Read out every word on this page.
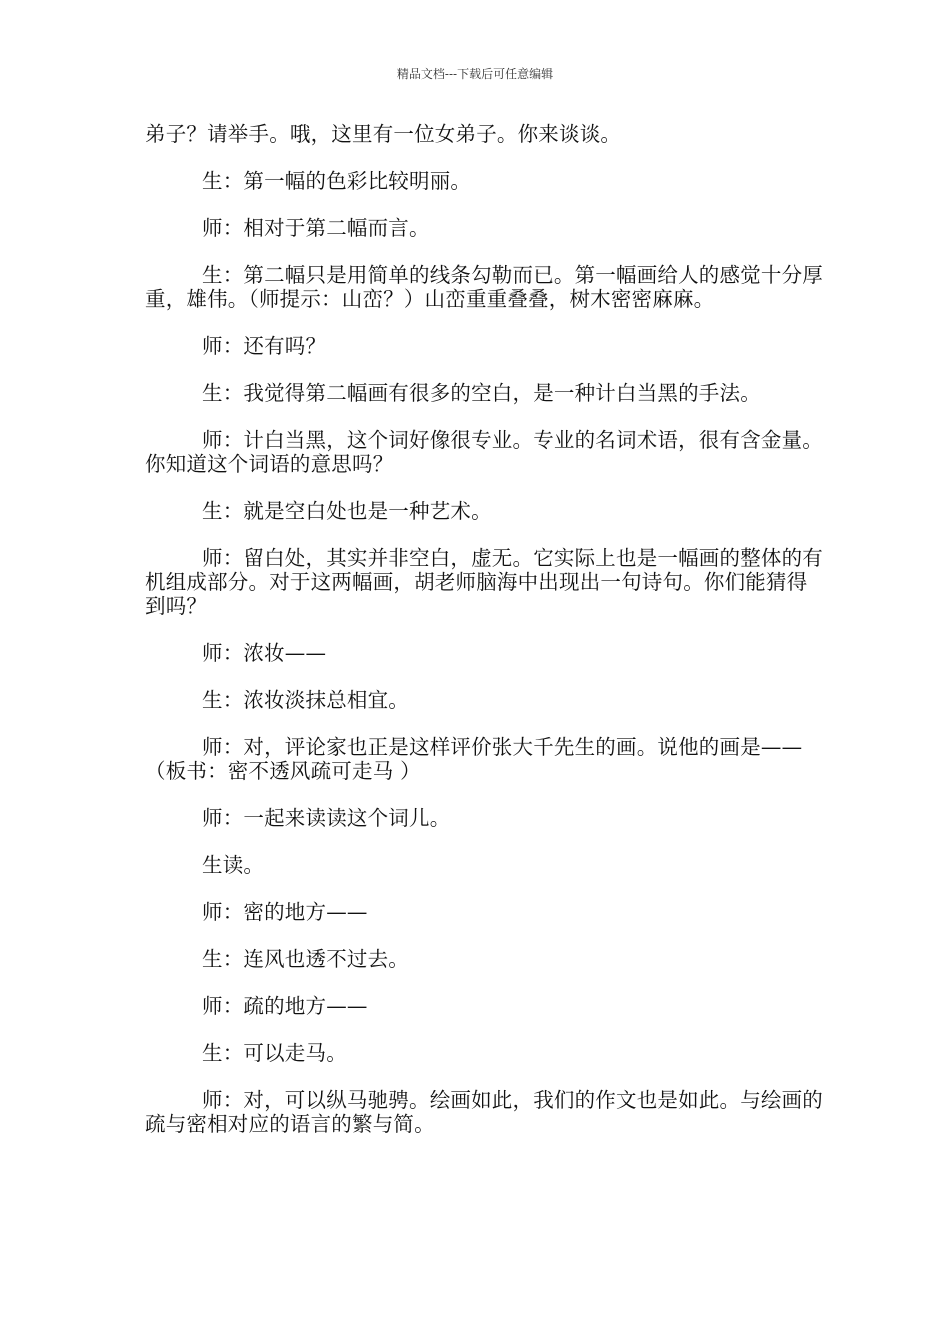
精品文档---下载后可任意编辑

弟子？请举手。哦，这里有一位女弟子。你来谈谈。

生：第一幅的色彩比较明丽。

师：相对于第二幅而言。

生：第二幅只是用简单的线条勾勒而已。第一幅画给人的感觉十分厚重，雄伟。（师提示：山峦？）山峦重重叠叠，树木密密麻麻。

师：还有吗？

生：我觉得第二幅画有很多的空白，是一种计白当黑的手法。

师：计白当黑，这个词好像很专业。专业的名词术语，很有含金量。你知道这个词语的意思吗？

生：就是空白处也是一种艺术。

师：留白处，其实并非空白，虚无。它实际上也是一幅画的整体的有机组成部分。对于这两幅画，胡老师脑海中出现出一句诗句。你们能猜得到吗？

师：浓妆——

生：浓妆淡抹总相宜。

师：对，评论家也正是这样评价张大千先生的画。说他的画是——（板书：密不透风疏可走马 ）

师：一起来读读这个词儿。

生读。

师：密的地方——

生：连风也透不过去。

师：疏的地方——

生：可以走马。

师：对，可以纵马驰骋。绘画如此，我们的作文也是如此。与绘画的疏与密相对应的语言的繁与简。
